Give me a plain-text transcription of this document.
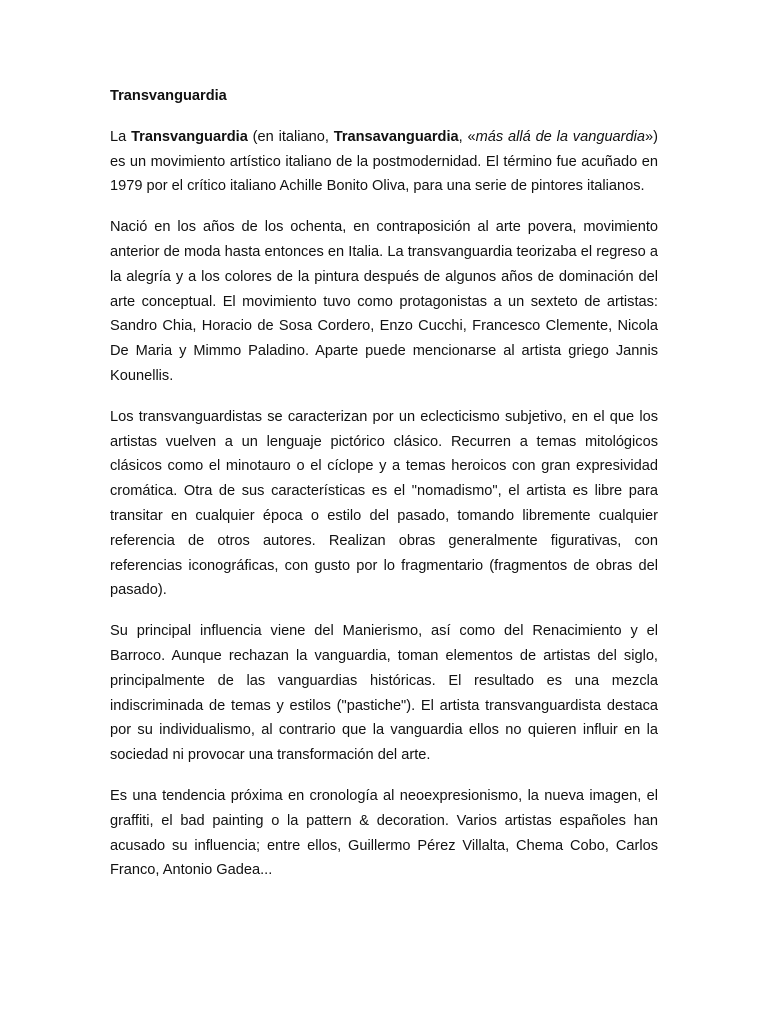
Transvanguardia

La Transvanguardia (en italiano, Transavanguardia, «más allá de la vanguardia») es un movimiento artístico italiano de la postmodernidad. El término fue acuñado en 1979 por el crítico italiano Achille Bonito Oliva, para una serie de pintores italianos.

Nació en los años de los ochenta, en contraposición al arte povera, movimiento anterior de moda hasta entonces en Italia. La transvanguardia teorizaba el regreso a la alegría y a los colores de la pintura después de algunos años de dominación del arte conceptual. El movimiento tuvo como protagonistas a un sexteto de artistas: Sandro Chia, Horacio de Sosa Cordero, Enzo Cucchi, Francesco Clemente, Nicola De Maria y Mimmo Paladino. Aparte puede mencionarse al artista griego Jannis Kounellis.

Los transvanguardistas se caracterizan por un eclecticismo subjetivo, en el que los artistas vuelven a un lenguaje pictórico clásico. Recurren a temas mitológicos clásicos como el minotauro o el cíclope y a temas heroicos con gran expresividad cromática. Otra de sus características es el "nomadismo", el artista es libre para transitar en cualquier época o estilo del pasado, tomando libremente cualquier referencia de otros autores. Realizan obras generalmente figurativas, con referencias iconográficas, con gusto por lo fragmentario (fragmentos de obras del pasado).

Su principal influencia viene del Manierismo, así como del Renacimiento y el Barroco. Aunque rechazan la vanguardia, toman elementos de artistas del siglo, principalmente de las vanguardias históricas. El resultado es una mezcla indiscriminada de temas y estilos ("pastiche"). El artista transvanguardista destaca por su individualismo, al contrario que la vanguardia ellos no quieren influir en la sociedad ni provocar una transformación del arte.

Es una tendencia próxima en cronología al neoexpresionismo, la nueva imagen, el graffiti, el bad painting o la pattern & decoration. Varios artistas españoles han acusado su influencia; entre ellos, Guillermo Pérez Villalta, Chema Cobo, Carlos Franco, Antonio Gadea...
